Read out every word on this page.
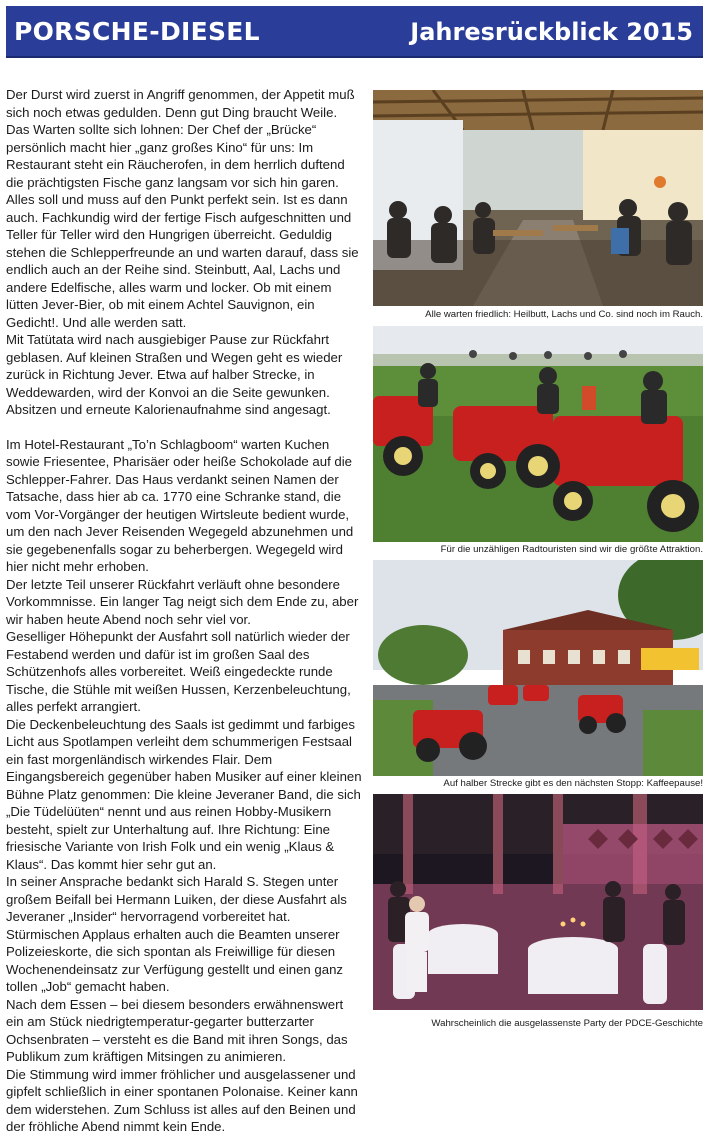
PORSCHE-DIESEL	Jahresrückblick 2015

Der Durst wird zuerst in Angriff genommen, der Appetit muß sich noch etwas gedulden. Denn gut Ding braucht Weile.

Das Warten sollte sich lohnen: Der Chef der „Brücke“ persönlich macht hier „ganz großes Kino“ für uns: Im Restaurant steht ein Räucherofen, in dem herrlich duftend die prächtigsten Fische ganz langsam vor sich hin garen. Alles soll und muss auf den Punkt perfekt sein. Ist es dann auch. Fachkundig wird der fertige Fisch aufgeschnitten und Teller für Teller wird den Hungrigen überreicht. Geduldig stehen die Schlepperfreunde an und warten darauf, dass sie endlich auch an der Reihe sind. Steinbutt, Aal, Lachs und andere Edelfische, alles warm und locker. Ob mit einem lütten Jever-Bier, ob mit einem Achtel Sauvignon, ein Gedicht!. Und alle werden satt.

Mit Tatütata wird nach ausgiebiger Pause zur Rückfahrt geblasen. Auf kleinen Straßen und Wegen geht es wieder zurück in Richtung Jever. Etwa auf halber Strecke, in Weddewarden, wird der Konvoi an die Seite gewunken. Absitzen und erneute Kalorienaufnahme sind angesagt.

Im Hotel-Restaurant „To’n Schlagboom“ warten Kuchen sowie Friesentee, Pharisäer oder heiße Schokolade auf die Schlepper-Fahrer. Das Haus verdankt seinen Namen der Tatsache, dass hier ab ca. 1770 eine Schranke stand, die vom Vor-Vorgänger der heutigen Wirtsleute bedient wurde, um den nach Jever Reisenden Wegegeld abzunehmen und sie gegebenenfalls sogar zu beherbergen. Wegegeld wird hier nicht mehr erhoben.

Der letzte Teil unserer Rückfahrt verläuft ohne besondere Vorkommnisse. Ein langer Tag neigt sich dem Ende zu, aber wir haben heute Abend noch sehr viel vor.

Geselliger Höhepunkt der Ausfahrt soll natürlich wieder der Festabend werden und dafür ist im großen Saal des Schützenhofs alles vorbereitet. Weiß eingedeckte runde Tische, die Stühle mit weißen Hussen, Kerzenbeleuchtung, alles perfekt arrangiert.

Die Deckenbeleuchtung des Saals ist gedimmt und farbiges Licht aus Spotlampen verleiht dem schummerigen Festsaal ein fast morgenländisch wirkendes Flair. Dem Eingangsbereich gegenüber haben Musiker auf einer kleinen Bühne Platz genommen: Die kleine Jeveraner Band, die sich „Die Tüdelüüten“ nennt und aus reinen Hobby-Musikern besteht, spielt zur Unterhaltung auf. Ihre Richtung: Eine friesische Variante von Irish Folk und ein wenig „Klaus & Klaus“. Das kommt hier sehr gut an.

In seiner Ansprache bedankt sich Harald S. Stegen unter großem Beifall bei Hermann Luiken, der diese Ausfahrt als Jeveraner „Insider“ hervorragend vorbereitet hat. Stürmischen Applaus erhalten auch die Beamten unserer Polizeieskorte, die sich spontan als Freiwillige für diesen Wochenendeinsatz zur Verfügung gestellt und einen ganz tollen „Job“ gemacht haben.

Nach dem Essen – bei diesem besonders erwähnenswert ein am Stück niedrigtemperatur-gegarter butterzarter

Ochsenbraten – versteht es die Band mit ihren Songs, das Publikum zum kräftigen Mitsingen zu animieren.

Die Stimmung wird immer fröhlicher und ausgelassener und gipfelt schließlich in einer spontanen Polonaise. Keiner kann dem widerstehen. Zum Schluss ist alles auf den Beinen und der fröhliche Abend nimmt kein Ende.

Alle warten friedlich: Heilbutt, Lachs und Co. sind noch im Rauch.
Für die unzähligen Radtouristen sind wir die größte Attraktion.
Auf halber Strecke gibt es den nächsten Stopp: Kaffeepause!
Wahrscheinlich die ausgelassenste Party der PDCE-Geschichte
